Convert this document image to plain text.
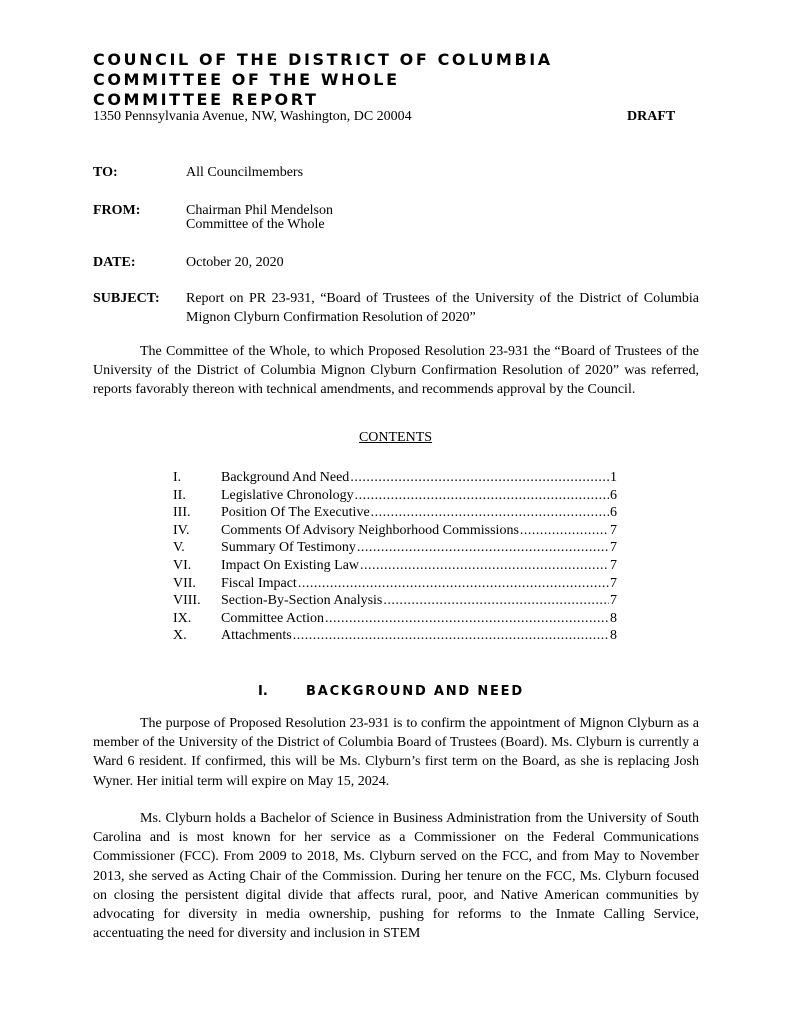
COUNCIL OF THE DISTRICT OF COLUMBIA
COMMITTEE OF THE WHOLE
COMMITTEE REPORT
1350 Pennsylvania Avenue, NW, Washington, DC 20004	DRAFT
TO:	All Councilmembers
FROM:	Chairman Phil Mendelson
Committee of the Whole
DATE:	October 20, 2020
SUBJECT: Report on PR 23-931, “Board of Trustees of the University of the District of Columbia Mignon Clyburn Confirmation Resolution of 2020”

The Committee of the Whole, to which Proposed Resolution 23-931 the “Board of Trustees of the University of the District of Columbia Mignon Clyburn Confirmation Resolution of 2020” was referred, reports favorably thereon with technical amendments, and recommends approval by the Council.

CONTENTS
I.	Background And Need .....	1
II.	Legislative Chronology .....	6
III.	Position Of The Executive .....	6
IV.	Comments Of Advisory Neighborhood Commissions .....	7
V.	Summary Of Testimony .....	7
VI.	Impact On Existing Law .....	7
VII.	Fiscal Impact .....	7
VIII.	Section-By-Section Analysis .....	7
IX.	Committee Action .....	8
X.	Attachments .....	8
I.	BACKGROUND AND NEED

The purpose of Proposed Resolution 23-931 is to confirm the appointment of Mignon Clyburn as a member of the University of the District of Columbia Board of Trustees (Board). Ms. Clyburn is currently a Ward 6 resident. If confirmed, this will be Ms. Clyburn’s first term on the Board, as she is replacing Josh Wyner. Her initial term will expire on May 15, 2024.

Ms. Clyburn holds a Bachelor of Science in Business Administration from the University of South Carolina and is most known for her service as a Commissioner on the Federal Communications Commissioner (FCC). From 2009 to 2018, Ms. Clyburn served on the FCC, and from May to November 2013, she served as Acting Chair of the Commission. During her tenure on the FCC, Ms. Clyburn focused on closing the persistent digital divide that affects rural, poor, and Native American communities by advocating for diversity in media ownership, pushing for reforms to the Inmate Calling Service, accentuating the need for diversity and inclusion in STEM
